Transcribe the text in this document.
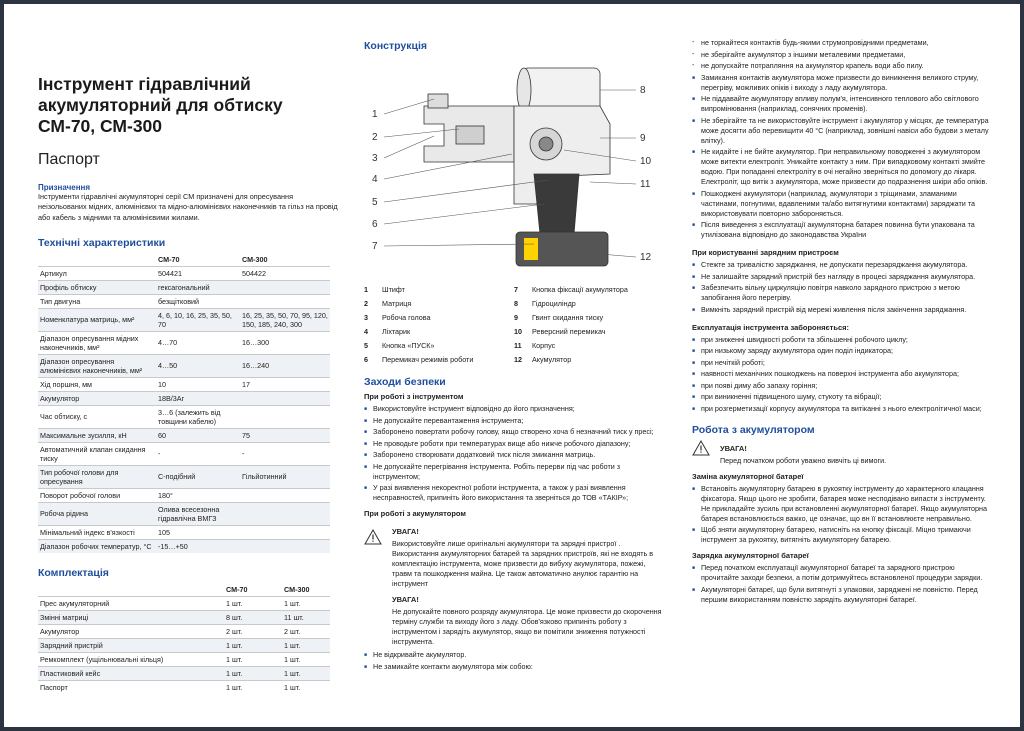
Інструмент гідравлічний акумуляторний для обтиску СМ-70, СМ-300
Паспорт
Призначення
Інструменти гідравлічні акумуляторні серії СМ призначені для опресування неізольованих мідних, алюмінієвих та мідно-алюмінієвих наконечників та гільз на провід або кабель з мідними та алюмінієвими жилами.
Технічні характеристики
	СМ-70	СМ-300
Артикул	504421	504422
Профіль обтиску	гексагональний	
Тип двигуна	безщітковий	
Номенклатура матриць, мм²	4, 6, 10, 16, 25, 35, 50, 70	16, 25, 35, 50, 70, 95, 120, 150, 185, 240, 300
Діапазон опресування мідних наконечників, мм²	4…70	16…300
Діапазон опресування алюмінієвих наконечників, мм²	4…50	16…240
Хід поршня, мм	10	17
Акумулятор	18В/3Аг	
Час обтиску, с	3…6 (залежить від товщини кабелю)	
Максимальне зусилля, кН	60	75
Автоматичний клапан скидання тиску	-	-
Тип робочої голови для опресування	С-подібний	Гільйотинний
Поворот робочої голови	180°	
Робоча рідина	Олива всесезонна гідравлічна ВМГЗ	
Мінімальний індекс в'язкості	105	
Діапазон робочих температур, °С	-15…+50	
Комплектація
	СМ-70	СМ-300
Прес акумуляторний	1 шт.	1 шт.
Змінні матриці	8 шт.	11 шт.
Акумулятор	2 шт.	2 шт.
Зарядний пристрій	1 шт.	1 шт.
Ремкомплект (ущільнювальні кільця)	1 шт.	1 шт.
Пластиковий кейс	1 шт.	1 шт.
Паспорт	1 шт.	1 шт.
Конструкція
1
2
3
4
5
6
7
8
9
10
11
12
1 Штифт	7 Кнопка фіксації акумулятора
2 Матриця	8 Гідроциліндр
3 Робоча голова	9 Гвинт скидання тиску
4 Ліхтарик	10 Реверсний перемикач
5 Кнопка «ПУСК»	11 Корпус
6 Перемикач режимів роботи	12 Акумулятор
Заходи безпеки
При роботі з інструментом
■ Використовуйте інструмент відповідно до його призначення;
■ Не допускайте перевантаження інструмента;
■ Заборонено повертати робочу голову, якщо створено хоча б незначний тиск у пресі;
■ Не проводьте роботи при температурах вище або нижче робочого діапазону;
■ Заборонено створювати додатковий тиск після змикання матриць.
■ Не допускайте перегрівання інструмента. Робіть перерви під час роботи з інструментом;
■ У разі виявлення некоректної роботи інструмента, а також у разі виявлення несправностей, припиніть його використання та зверніться до ТОВ «ТАКІР»;
При роботі з акумулятором
УВАГА!
Використовуйте лише оригінальні акумулятори та зарядні пристрої . Використання акумуляторних батарей та зарядних пристроїв, які не входять в комплектацію інструмента, може призвести до вибуху акумулятора, пожежі, травм та пошкодження майна. Це також автоматично анулює гарантію на інструмент
УВАГА!
Не допускайте повного розряду акумулятора. Це може призвести до скорочення терміну служби та виходу його з ладу. Обов'язково припиніть роботу з інструментом і зарядіть акумулятор, якщо ви помітили зниження потужності інструмента.
■ Не відкривайте акумулятор.
■ Не замикайте контакти акумулятора між собою:
- не торкайтеся контактів будь-якими струмопровідними предметами,
- не зберігайте акумулятор з іншими металевими предметами,
- не допускайте потрапляння на акумулятор крапель води або пилу.
■ Замикання контактів акумулятора може призвести до виникнення великого струму, перегріву, можливих опіків і виходу з ладу акумулятора.
■ Не піддавайте акумулятору впливу полум'я, інтенсивного теплового або світлового випромінювання (наприклад, сонячних променів).
■ Не зберігайте та не використовуйте інструмент і акумулятор у місцях, де температура може досягти або перевищити 40 °С (наприклад, зовнішні навіси або будови з металу влітку).
■ Не кидайте і не бийте акумулятор. При неправильному поводженні з акумулятором може витекти електроліт. Уникайте контакту з ним. При випадковому контакті змийте водою. При попаданні електроліту в очі негайно зверніться по допомогу до лікаря. Електроліт, що витік з акумулятора, може призвести до подразнення шкіри або опіків.
■ Пошкоджені акумулятори (наприклад, акумулятори з тріщинами, зламаними частинами, погнутими, вдавленими та/або витягнутими контактами) заряджати та використовувати повторно забороняється.
■ Після виведення з експлуатації акумуляторна батарея повинна бути упакована та утилізована відповідно до законодавства України
При користуванні зарядним пристроєм
■ Стежте за тривалістю заряджання, не допускати перезаряджання акумулятора.
■ Не залишайте зарядний пристрій без нагляду в процесі заряджання акумулятора.
■ Забезпечить вільну циркуляцію повітря навколо зарядного пристрою з метою запобігання його перегріву.
■ Вимкніть зарядний пристрій від мережі живлення після закінчення заряджання.
Експлуатація інструмента забороняється:
■ при зниженні швидкості роботи та збільшенні робочого циклу;
■ при низькому заряду акумулятора один поділ індикатора;
■ при нечіткій роботі;
■ наявності механічних пошкоджень на поверхні інструмента або акумулятора;
■ при появі диму або запаху горіння;
■ при виникненні підвищеного шуму, стукоту та вібрації;
■ при розгерметизації корпусу акумулятора та витіканні з нього електролітичної маси;
Робота з акумулятором
УВАГА!
Перед початком роботи уважно вивчіть ці вимоги.
Заміна акумуляторної батареї
■ Встановіть акумуляторну батарею в рукоятку інструменту до характерного клацання фіксатора. Якщо цього не зробити, батарея може несподівано випасти з інструменту. Не прикладайте зусиль при встановленні акумуляторної батареї. Якщо акумуляторна батарея встановлюється важко, це означає, що вн її встановлюєте неправильно.
■ Щоб зняти акумуляторну батарею, натисніть на кнопку фіксації. Міцно тримаючи інструмент за рукоятку, витягніть акумуляторну батарею.
Зарядка акумуляторної батареї
■ Перед початком експлуатації акумуляторної батареї та зарядного пристрою прочитайте заходи безпеки, а потім дотримуйтесь встановленої процедури зарядки.
■ Акумуляторні батареї, що були витягнуті з упаковки, заряджені не повністю. Перед першим використанням повністю зарядіть акумуляторні батареї.
